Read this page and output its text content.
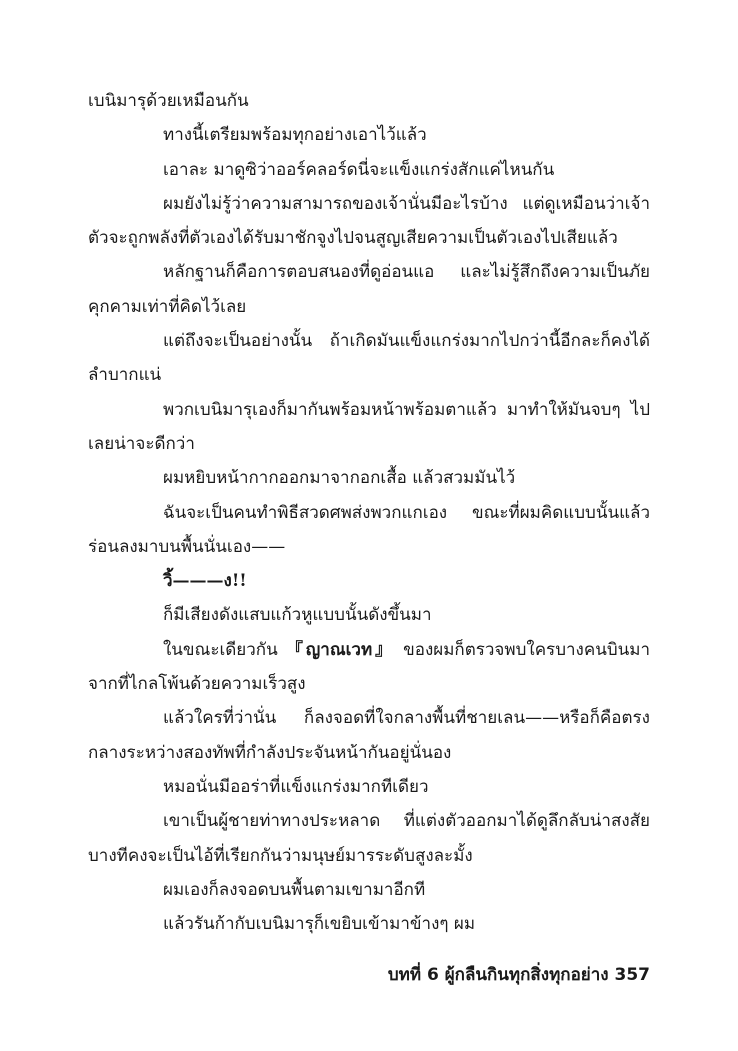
เบนิมารุด้วยเหมือนกัน

ทางนี้เตรียมพร้อมทุกอย่างเอาไว้แล้ว

เอาละ มาดูซิว่าออร์คลอร์ดนี่จะแข็งแกร่งสักแค่ไหนกัน

ผมยังไม่รู้ว่าความสามารถของเจ้านั่นมีอะไรบ้าง แต่ดูเหมือนว่าเจ้าตัวจะถูกพลังที่ตัวเองได้รับมาชักจูงไปจนสูญเสียความเป็นตัวเองไปเสียแล้ว

หลักฐานก็คือการตอบสนองที่ดูอ่อนแอ และไม่รู้สึกถึงความเป็นภัยคุกคามเท่าที่คิดไว้เลย

แต่ถึงจะเป็นอย่างนั้น ถ้าเกิดมันแข็งแกร่งมากไปกว่านี้อีกละก็คงได้ลำบากแน่

พวกเบนิมารุเองก็มากันพร้อมหน้าพร้อมตาแล้ว มาทำให้มันจบๆ ไปเลยน่าจะดีกว่า

ผมหยิบหน้ากากออกมาจากอกเสื้อ แล้วสวมมันไว้

ฉันจะเป็นคนทำพิธีสวดศพส่งพวกแกเอง ขณะที่ผมคิดแบบนั้นแล้วร่อนลงมาบนพื้นนั่นเอง——

วิ้———ง!!

ก็มีเสียงดังแสบแก้วหูแบบนั้นดังขึ้นมา

ในขณะเดียวกัน 『ญาณเวท』 ของผมก็ตรวจพบใครบางคนบินมาจากที่ไกลโพ้นด้วยความเร็วสูง

แล้วใครที่ว่านั่น ก็ลงจอดที่ใจกลางพื้นที่ชายเลน——หรือก็คือตรงกลางระหว่างสองทัพที่กำลังประจันหน้ากันอยู่นั่นอง

หมอนั่นมีออร่าที่แข็งแกร่งมากทีเดียว

เขาเป็นผู้ชายท่าทางประหลาด ที่แต่งตัวออกมาได้ดูลึกลับน่าสงสัยบางทีคงจะเป็นไอ้ที่เรียกกันว่ามนุษย์มารระดับสูงละมั้ง

ผมเองก็ลงจอดบนพื้นตามเขามาอีกที

แล้วรันก้ากับเบนิมารุก็เขยิบเข้ามาข้างๆ ผม

บทที่ 6 ผู้กลืนกินทุกสิ่งทุกอย่าง 357
